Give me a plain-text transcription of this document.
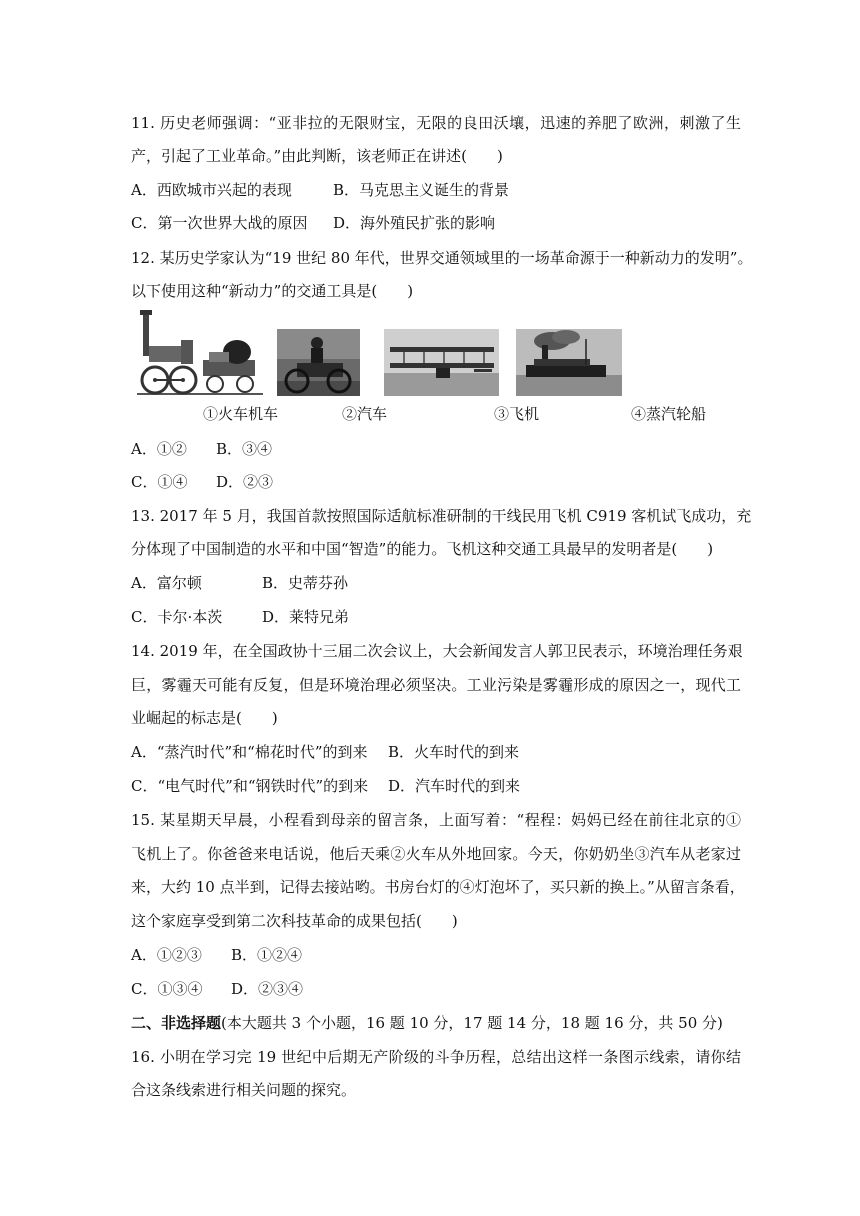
11. 历史老师强调：“亚非拉的无限财宝，无限的良田沃壤，迅速的养肥了欧洲，刺激了生
产，引起了工业革命。”由此判断，该老师正在讲述(　　)
A．西欧城市兴起的表现	B．马克思主义诞生的背景
C．第一次世界大战的原因 D．海外殖民扩张的影响
12. 某历史学家认为“19 世纪 80 年代，世界交通领域里的一场革命源于一种新动力的发明”。
以下使用这种“新动力”的交通工具是(　　)
①火车机车	②汽车	③飞机	④蒸汽轮船
A．①② B．③④
C．①④ D．②③
13. 2017 年 5 月，我国首款按照国际适航标准研制的干线民用飞机 C919 客机试飞成功，充
分体现了中国制造的水平和中国“智造”的能力。飞机这种交通工具最早的发明者是(　　)
A．富尔顿	B．史蒂芬孙
C．卡尔·本茨	D．莱特兄弟
14. 2019 年，在全国政协十三届二次会议上，大会新闻发言人郭卫民表示，环境治理任务艰
巨，雾霾天可能有反复，但是环境治理必须坚决。工业污染是雾霾形成的原因之一，现代工
业崛起的标志是(　　)
A．“蒸汽时代”和“棉花时代”的到来 B．火车时代的到来
C．“电气时代”和“钢铁时代”的到来 D．汽车时代的到来
15. 某星期天早晨，小程看到母亲的留言条，上面写着：“程程：妈妈已经在前往北京的①
飞机上了。你爸爸来电话说，他后天乘②火车从外地回家。今天，你奶奶坐③汽车从老家过
来，大约 10 点半到，记得去接站哟。书房台灯的④灯泡坏了，买只新的换上。”从留言条看，
这个家庭享受到第二次科技革命的成果包括(　　)
A．①②③ B．①②④
C．①③④ D．②③④
二、非选择题(本大题共 3 个小题，16 题 10 分，17 题 14 分，18 题 16 分，共 50 分)
16. 小明在学习完 19 世纪中后期无产阶级的斗争历程，总结出这样一条图示线索，请你结
合这条线索进行相关问题的探究。
